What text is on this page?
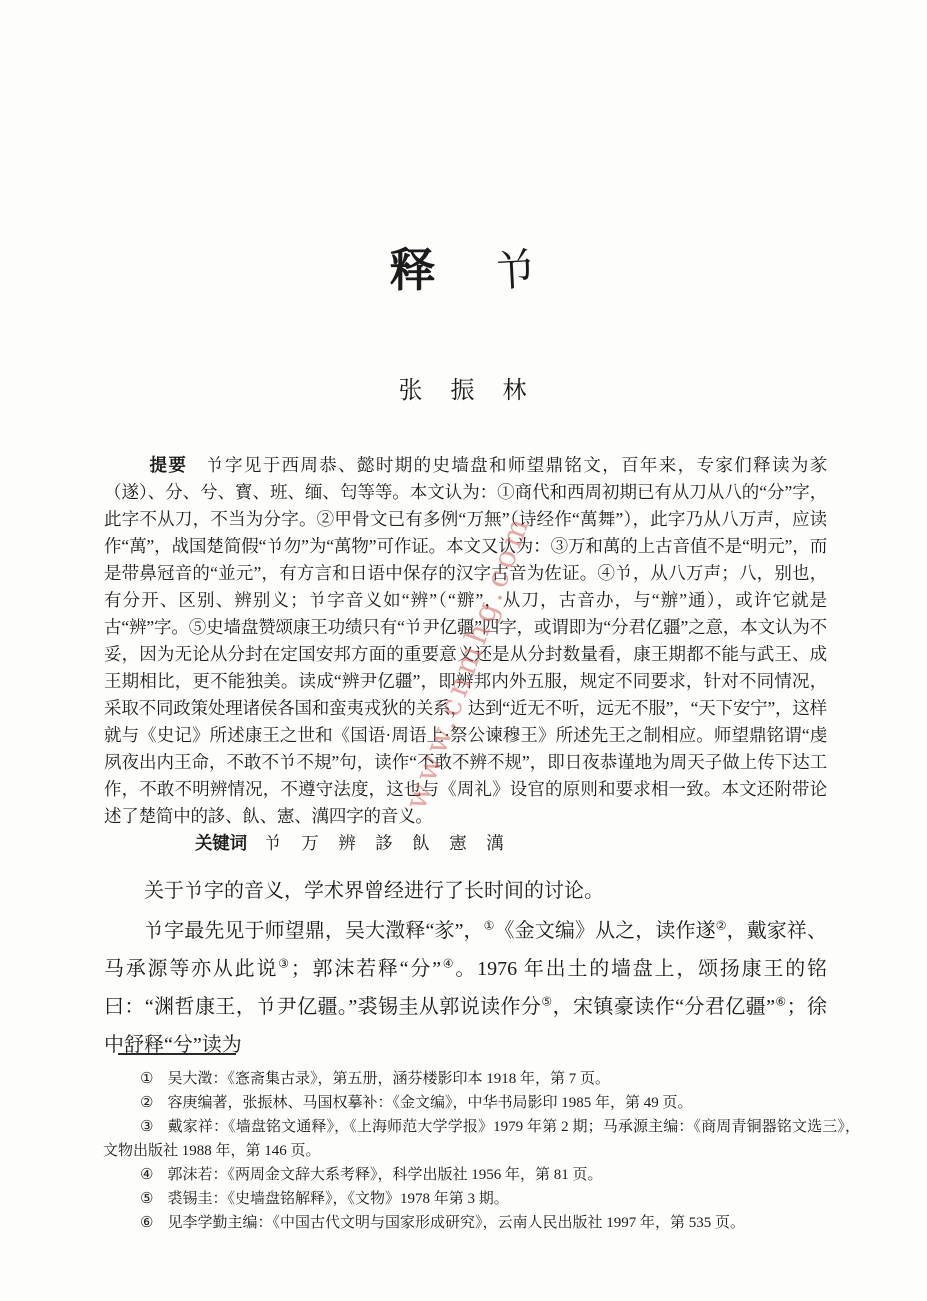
www.cnmhg.com
释 兯
张　振　林

提要　 兯字见于西周恭、懿时期的史墙盘和师望鼎铭文，百年来，专家们释读为㒸（遂）、分、兮、寳、班、缅、匄等等。本文认为：①商代和西周初期已有从刀从八的“分”字，此字不从刀，不当为分字。②甲骨文已有多例“万無”（诗经作“萬舞”），此字乃从八万声，应读作“萬”，战国楚简假“兯勿”为“萬物”可作证。本文又认为：③万和萬的上古音值不是“明元”，而是带鼻冠音的“並元”，有方言和日语中保存的汉字古音为佐证。④兯，从八万声；八，别也，有分开、区别、辨别义；兯字音义如“辨”（“辧”，从刀，古音办，与“辦”通），或许它就是古“辨”字。⑤史墙盘赞颂康王功绩只有“兯尹亿疆”四字，或谓即为“分君亿疆”之意，本文认为不妥，因为无论从分封在定国安邦方面的重要意义还是从分封数量看，康王期都不能与武王、成王期相比，更不能独美。读成“辨尹亿疆”，即辨邦内外五服，规定不同要求，针对不同情况，采取不同政策处理诸侯各国和蛮夷戎狄的关系，达到“近无不听，远无不服”，“天下安宁”，这样就与《史记》所述康王之世和《国语·周语上·祭公谏穆王》所述先王之制相应。师望鼎铭谓“虔夙夜出内王命，不敢不兯不規”句，读作“不敢不辨不规”，即日夜恭谨地为周天子做上传下达工作，不敢不明辨情况，不遵守法度，这也与《周礼》设官的原则和要求相一致。本文还附带论述了楚简中的誃、飤、憲、澫四字的音义。

关键词　 兯　万　辨　誃　飤　憲　澫

关于兯字的音义，学术界曾经进行了长时间的讨论。

兯字最先见于师望鼎，吴大澂释“㒸”，①《金文编》从之，读作遂②，戴家祥、马承源等亦从此说③；郭沫若释“分”④。1976 年出土的墙盘上，颂扬康王的铭曰：“渊哲康王，兯尹亿疆。”裘锡圭从郭说读作分⑤，宋镇豪读作“分君亿疆”⑥；徐中舒释“兮”读为

① 吴大澂：《愙斋集古录》，第五册，涵芬楼影印本 1918 年，第 7 页。
② 容庚编著，张振林、马国权摹补：《金文编》，中华书局影印 1985 年，第 49 页。
③ 戴家祥：《墙盘铭文通释》，《上海师范大学学报》1979 年第 2 期；马承源主编：《商周青铜器铭文选三》，文物出版社 1988 年，第 146 页。
④ 郭沫若：《两周金文辞大系考释》，科学出版社 1956 年，第 81 页。
⑤ 裘锡圭：《史墙盘铭解释》，《文物》1978 年第 3 期。
⑥ 见李学勤主编：《中国古代文明与国家形成研究》，云南人民出版社 1997 年，第 535 页。
